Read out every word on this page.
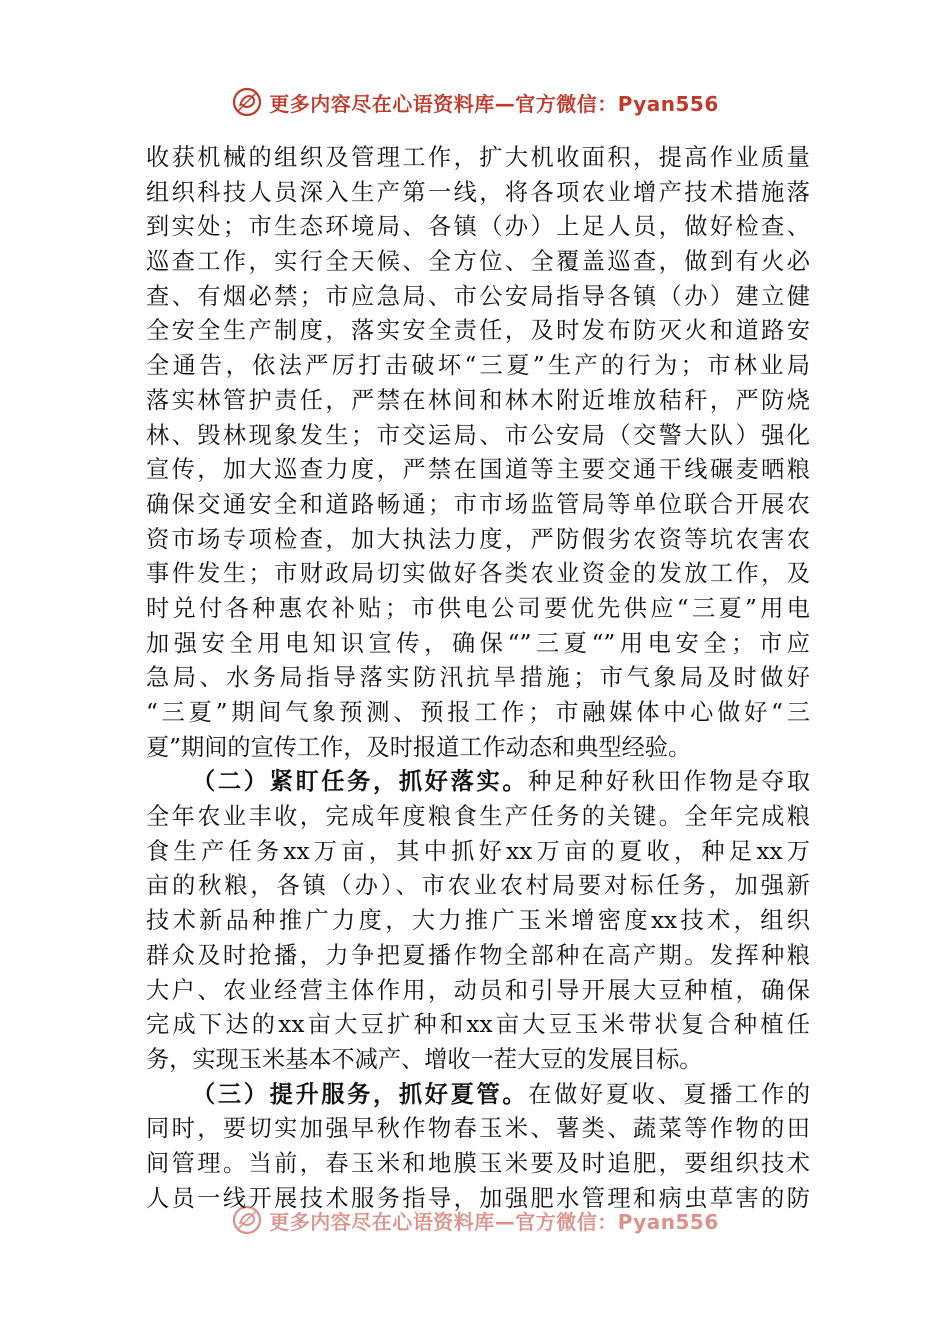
更多内容尽在心语资料库—官方微信：Pyan556
收获机械的组织及管理工作，扩大机收面积，提高作业质量
组织科技人员深入生产第一线，将各项农业增产技术措施落
到实处；市生态环境局、各镇（办）上足人员，做好检查、
巡查工作，实行全天候、全方位、全覆盖巡查，做到有火必
查、有烟必禁；市应急局、市公安局指导各镇（办）建立健
全安全生产制度，落实安全责任，及时发布防灭火和道路安
全通告，依法严厉打击破坏“三夏”生产的行为；市林业局
落实林管护责任，严禁在林间和林木附近堆放秸秆，严防烧
林、毁林现象发生；市交运局、市公安局（交警大队）强化
宣传，加大巡查力度，严禁在国道等主要交通干线碾麦晒粮
确保交通安全和道路畅通；市市场监管局等单位联合开展农
资市场专项检查，加大执法力度，严防假劣农资等坑农害农
事件发生；市财政局切实做好各类农业资金的发放工作，及
时兑付各种惠农补贴；市供电公司要优先供应“三夏”用电
加强安全用电知识宣传，确保“”三夏“”用电安全；市应
急局、水务局指导落实防汛抗旱措施；市气象局及时做好
“三夏”期间气象预测、预报工作；市融媒体中心做好“三
夏”期间的宣传工作，及时报道工作动态和典型经验。
（二）紧盯任务，抓好落实。种足种好秋田作物是夺取
全年农业丰收，完成年度粮食生产任务的关键。全年完成粮
食生产任务xx万亩，其中抓好xx万亩的夏收，种足xx万
亩的秋粮，各镇（办）、市农业农村局要对标任务，加强新
技术新品种推广力度，大力推广玉米增密度xx技术，组织
群众及时抢播，力争把夏播作物全部种在高产期。发挥种粮
大户、农业经营主体作用，动员和引导开展大豆种植，确保
完成下达的xx亩大豆扩种和xx亩大豆玉米带状复合种植任
务，实现玉米基本不减产、增收一茬大豆的发展目标。
（三）提升服务，抓好夏管。在做好夏收、夏播工作的
同时，要切实加强早秋作物春玉米、薯类、蔬菜等作物的田
间管理。当前，春玉米和地膜玉米要及时追肥，要组织技术
人员一线开展技术服务指导，加强肥水管理和病虫草害的防
更多内容尽在心语资料库—官方微信：Pyan556
